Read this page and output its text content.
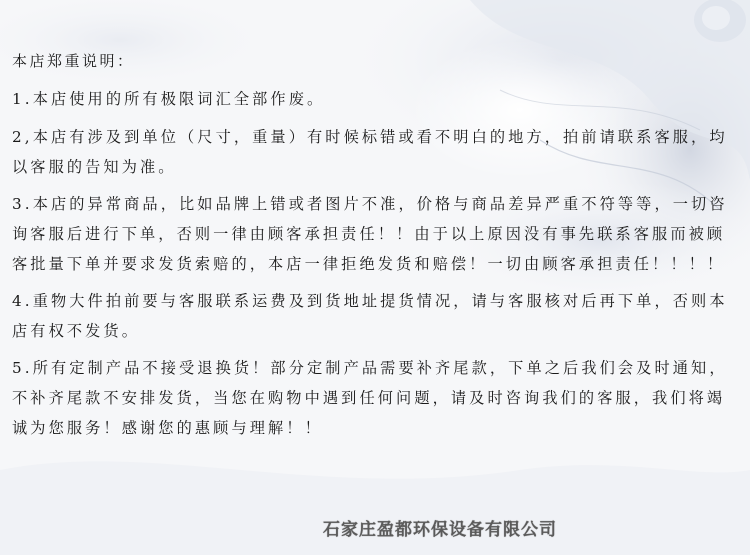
本店郑重说明：

1.本店使用的所有极限词汇全部作废。

2,本店有涉及到单位（尺寸，重量）有时候标错或看不明白的地方，拍前请联系客服，均以客服的告知为准。

3.本店的异常商品，比如品牌上错或者图片不准，价格与商品差异严重不符等等，一切咨询客服后进行下单，否则一律由顾客承担责任！！由于以上原因没有事先联系客服而被顾客批量下单并要求发货索赔的，本店一律拒绝发货和赔偿！一切由顾客承担责任！！！！

4.重物大件拍前要与客服联系运费及到货地址提货情况，请与客服核对后再下单，否则本店有权不发货。

5.所有定制产品不接受退换货！部分定制产品需要补齐尾款，下单之后我们会及时通知，不补齐尾款不安排发货，当您在购物中遇到任何问题，请及时咨询我们的客服，我们将竭诚为您服务！感谢您的惠顾与理解！！

石家庄盈都环保设备有限公司
